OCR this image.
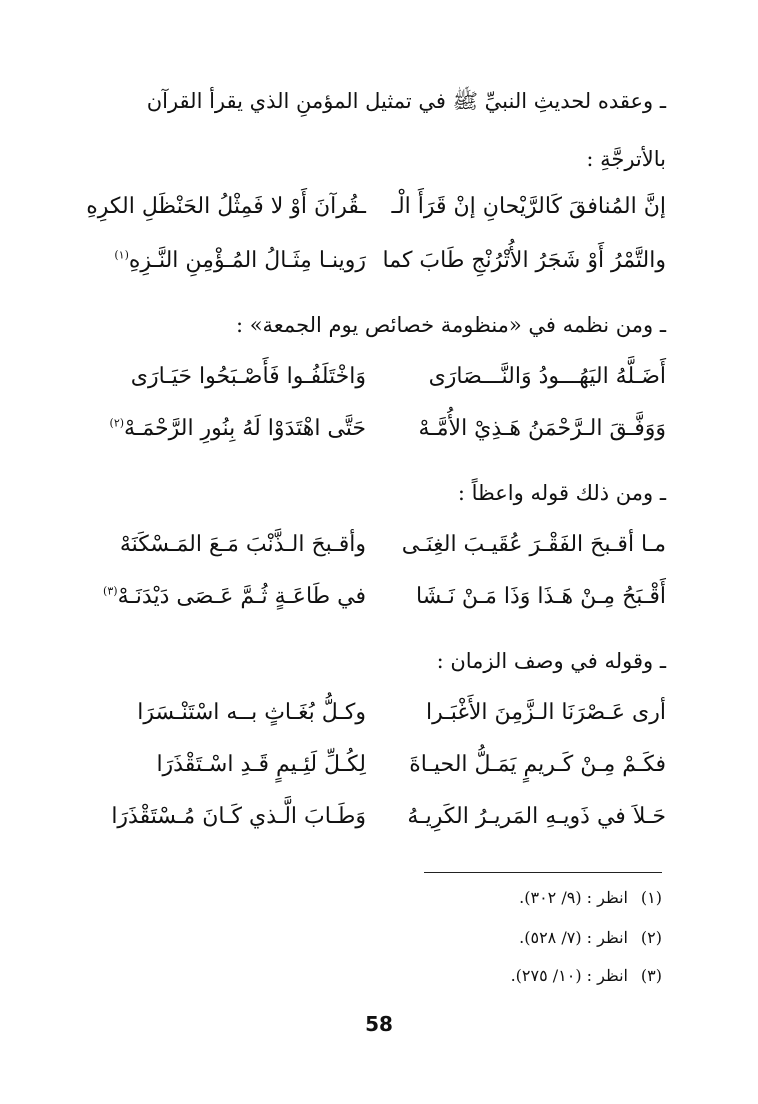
ـ وعقده لحديثِ النبيِّ ﷺ في تمثيل المؤمنِ الذي يقرأ القرآن
بالأترجَّةِ :
إنَّ المُنافقَ كَالرَّيْحانِ إنْ قَرَأَ الْـ
ـقُرآنَ أَوْ لا فَمِثْلُ الحَنْظَلِ الكرِهِ
والتَّمْرُ أَوْ شَجَرُ الأُتْرُنْجِ طَابَ كما
رَوينـا مِثَـالُ المُـؤْمِنِ النَّـزِهِ$^{(١)}$
ـ ومن نظمه في «منظومة خصائص يوم الجمعة» :
أَضَـلَّهُ اليَهُـــودُ وَالنَّـــصَارَى
وَاخْتَلَفُـوا فَأَصْـبَحُوا حَيَـارَى
وَوَفَّـقَ الـرَّحْمَنُ هَـذِيْ الأُمَّـهْ
حَتَّى اهْتَدَوْا لَهُ بِنُورِ الرَّحْمَـهْ$^{(٢)}$
ـ ومن ذلك قوله واعظاً :
مـا أقـبحَ الفَقْـرَ عُقَيـبَ الغِنَـى
وأقـبحَ الـذَّنْبَ مَـعَ المَـسْكَنَهْ
أَقْـبَحُ مِـنْ هَـذَا وَذَا مَـنْ نَـشَا
في طَاعَـةٍ ثُـمَّ عَـصَى دَيْدَنَـهْ$^{(٣)}$
ـ وقوله في وصف الزمان :
أرى عَـصْرَنَا الـزَّمِنَ الأَغْبَـرا
وكـلُّ بُغَـاثٍ بــه اسْتَنْـسَرَا
فكَـمْ مِـنْ كَـريمٍ يَمَـلُّ الحيـاةَ
لِكُـلِّ لَئِـيمٍ قَـدِ اسْـتَقْذَرَا
حَـلاَ في ذَويـهِ المَريـرُ الكَرِيـهُ
وَطَـابَ الَّـذي كَـانَ مُـسْتَقْذَرَا
(١)انظر : (٩/ ٣٠٢).
(٢)انظر : (٧/ ٥٢٨).
(٣)انظر : (١٠/ ٢٧٥).
58
